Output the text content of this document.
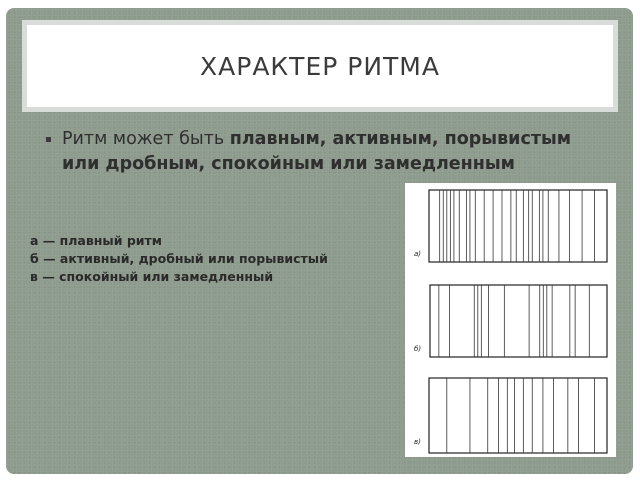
ХАРАКТЕР РИТМА
Ритм может быть плавным, активным, порывистым или дробным, спокойным или замедленным
а — плавный ритм
б — активный, дробный или порывистый
в — спокойный или замедленный
а)
б)
в)
